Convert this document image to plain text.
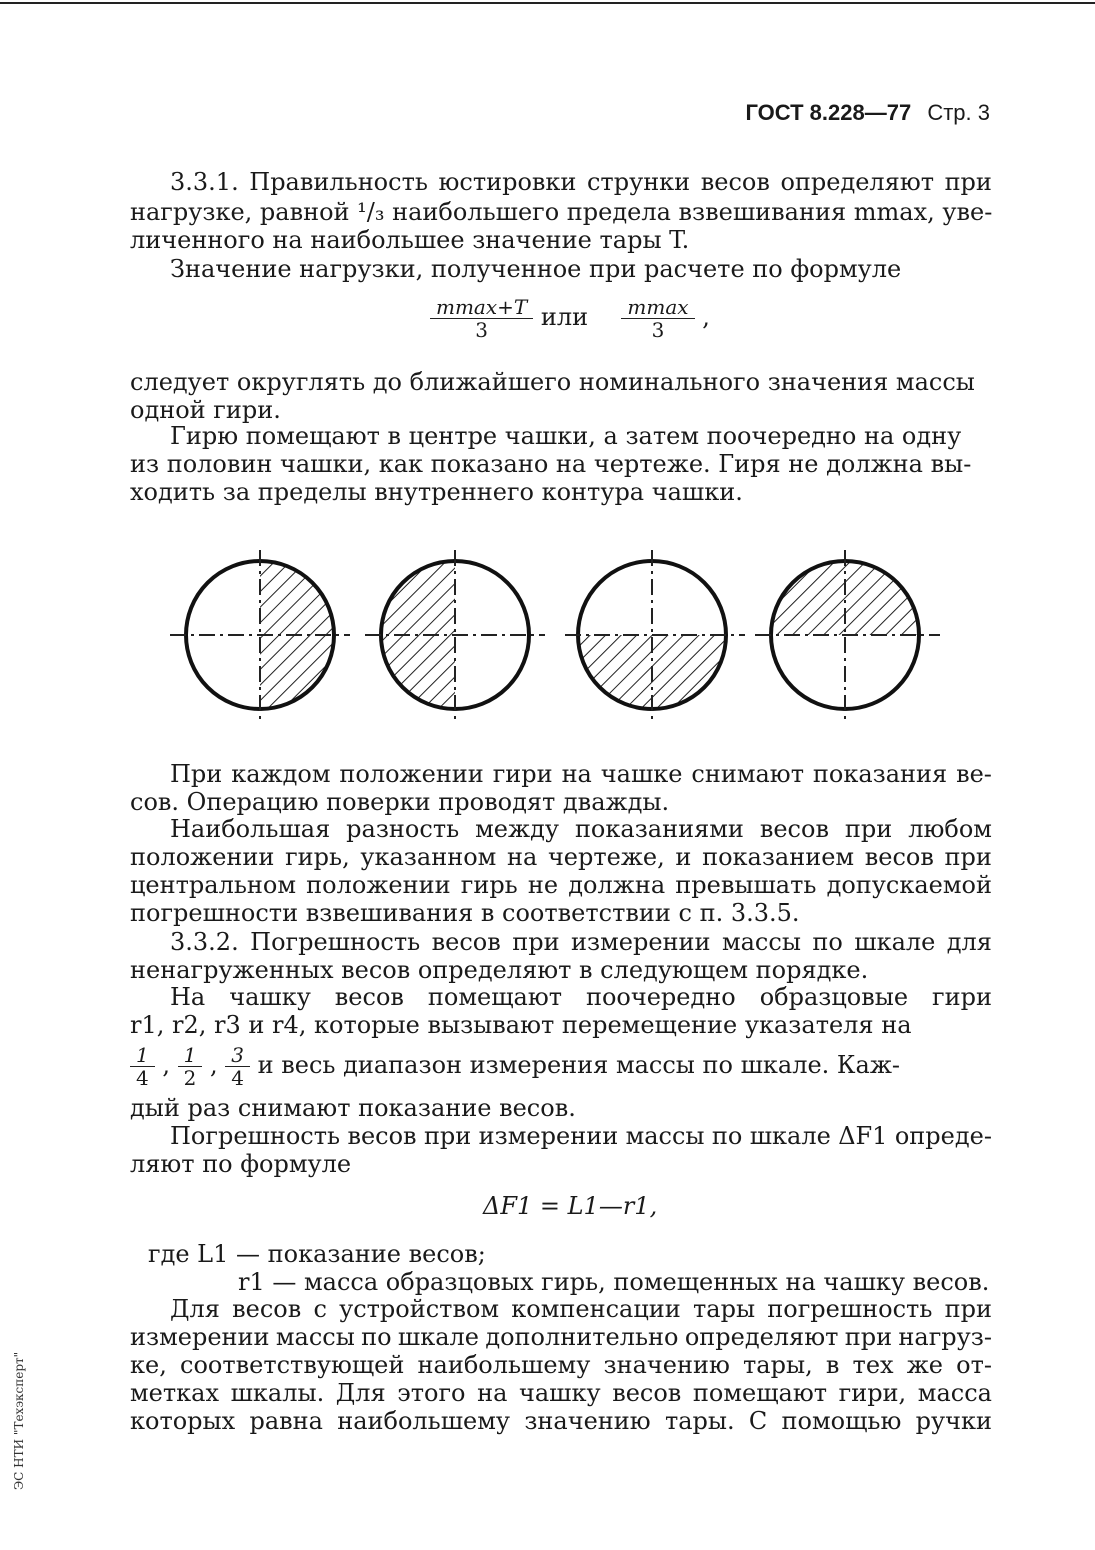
ГОСТ 8.228—77 Стр. 3
3.3.1. Правильность юстировки струнки весов определяют при
нагрузке, равной ¹/₃ наибольшего предела взвешивания mmax, уве-
личенного на наибольшее значение тары T.
Значение нагрузки, полученное при расчете по формуле
$\frac{mmax+T}{3}$ или $\frac{mmax}{3}$ ,
следует округлять до ближайшего номинального значения массы
одной гири.
Гирю помещают в центре чашки, а затем поочередно на одну
из половин чашки, как показано на чертеже. Гиря не должна вы-
ходить за пределы внутреннего контура чашки.
При каждом положении гири на чашке снимают показания ве-
сов. Операцию поверки проводят дважды.
Наибольшая разность между показаниями весов при любом
положении гирь, указанном на чертеже, и показанием весов при
центральном положении гирь не должна превышать допускаемой
погрешности взвешивания в соответствии с п. 3.3.5.
3.3.2. Погрешность весов при измерении массы по шкале для
ненагруженных весов определяют в следующем порядке.
На чашку весов помещают поочередно образцовые гири
r1, r2, r3 и r4, которые вызывают перемещение указателя на
$\frac{1}{4}$ , $\frac{1}{2}$ , $\frac{3}{4}$ и весь диапазон измерения массы по шкале. Каж-
дый раз снимают показание весов.
Погрешность весов при измерении массы по шкале ΔF1 опреде-
ляют по формуле
ΔF1 = L1—r1,
где L1 — показание весов;
r1 — масса образцовых гирь, помещенных на чашку весов.
Для весов с устройством компенсации тары погрешность при
измерении массы по шкале дополнительно определяют при нагруз-
ке, соответствующей наибольшему значению тары, в тех же от-
метках шкалы. Для этого на чашку весов помещают гири, масса
которых равна наибольшему значению тары. С помощью ручки
ЭС НТИ "Техэксперт"
